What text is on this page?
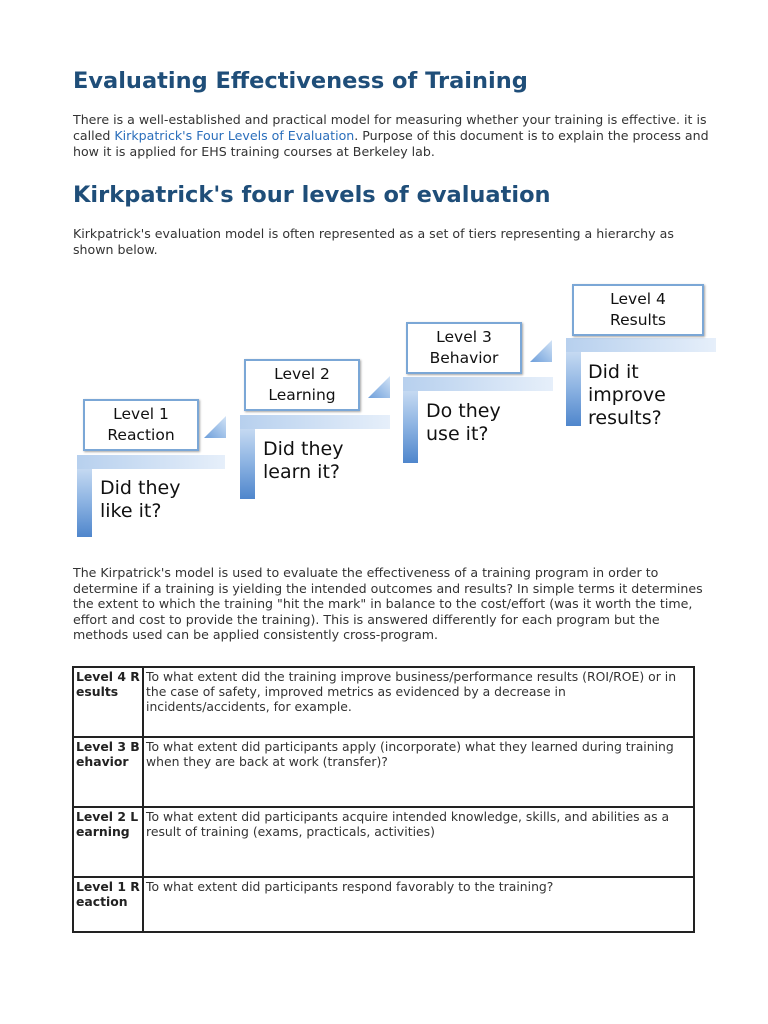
Evaluating Effectiveness of Training

There is a well-established and practical model for measuring whether your training is effective. it is called Kirkpatrick's Four Levels of Evaluation. Purpose of this document is to explain the process and how it is applied for EHS training courses at Berkeley lab.

Kirkpatrick's four levels of evaluation

Kirkpatrick's evaluation model is often represented as a set of tiers representing a hierarchy as shown below.

Level 1
Reaction
Did they
like it?
Level 2
Learning
Did they
learn it?
Level 3
Behavior
Do they
use it?
Level 4
Results
Did it
improve
results?

The Kirpatrick's model is used to evaluate the effectiveness of a training program in order to determine if a training is yielding the intended outcomes and results? In simple terms it determines the extent to which the training "hit the mark" in balance to the cost/effort (was it worth the time, effort and cost to provide the training). This is answered differently for each program but the methods used can be applied consistently cross-program.

Level 4 Results	To what extent did the training improve business/performance results (ROI/ROE) or in the case of safety, improved metrics as evidenced by a decrease in incidents/accidents, for example.
Level 3 Behavior	To what extent did participants apply (incorporate) what they learned during training when they are back at work (transfer)?
Level 2 Learning	To what extent did participants acquire intended knowledge, skills, and abilities as a result of training (exams, practicals, activities)
Level 1 Reaction	To what extent did participants respond favorably to the training?
